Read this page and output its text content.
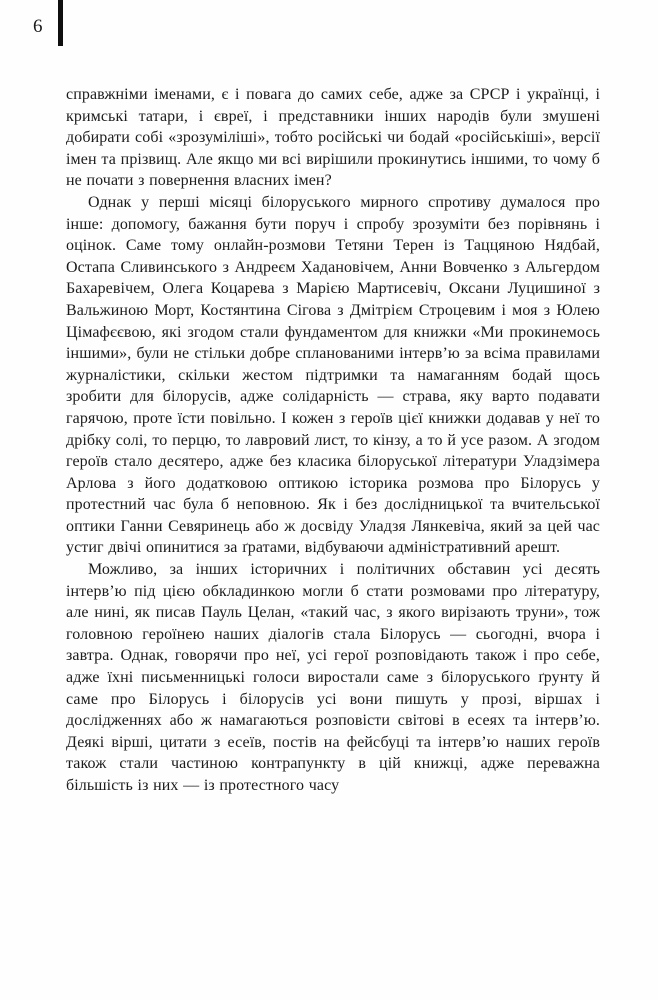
6

справжніми іменами, є і повага до самих себе, адже за СРСР і українці, і кримські татари, і євреї, і представники інших народів були змушені добирати собі «зрозуміліші», тобто російські чи бодай «російськіші», версії імен та прізвищ. Але якщо ми всі вирішили прокинутись іншими, то чому б не почати з повернення власних імен?

Однак у перші місяці білоруського мирного спротиву думалося про інше: допомогу, бажання бути поруч і спробу зрозуміти без порівнянь і оцінок. Саме тому онлайн-розмови Тетяни Терен із Таццяною Нядбай, Остапа Сливинського з Андреєм Хадановічем, Анни Вовченко з Альгердом Бахаревічем, Олега Коцарева з Марією Мартисевіч, Оксани Луцишиної з Вальжиною Морт, Костянтина Сігова з Дмітрієм Строцевим і моя з Юлею Цімафєєвою, які згодом стали фундаментом для книжки «Ми прокинемось іншими», були не стільки добре спланованими інтерв’ю за всіма правилами журналістики, скільки жестом підтримки та намаганням бодай щось зробити для білорусів, адже солідарність — страва, яку варто подавати гарячою, проте їсти повільно. І кожен з героїв цієї книжки додавав у неї то дрібку солі, то перцю, то лавровий лист, то кінзу, а то й усе разом. А згодом героїв стало десятеро, адже без класика білоруської літератури Уладзімера Арлова з його додатковою оптикою історика розмова про Білорусь у протестний час була б неповною. Як і без дослідницької та вчительської оптики Ганни Севяринець або ж досвіду Уладзя Лянкевіча, який за цей час устиг двічі опинитися за ґратами, відбуваючи адміністративний арешт.

Можливо, за інших історичних і політичних обставин усі десять інтерв’ю під цією обкладинкою могли б стати розмовами про літературу, але нині, як писав Пауль Целан, «такий час, з якого вирізають труни», тож головною героїнею наших діалогів стала Білорусь — сьогодні, вчора і завтра. Однак, говорячи про неї, усі герої розповідають також і про себе, адже їхні письменницькі голоси виростали саме з білоруського ґрунту й саме про Білорусь і білорусів усі вони пишуть у прозі, віршах і дослідженнях або ж намагаються розповісти світові в есеях та інтерв’ю. Деякі вірші, цитати з есеїв, постів на фейсбуці та інтерв’ю наших героїв також стали частиною контрапункту в цій книжці, адже переважна більшість із них — із протестного часу
